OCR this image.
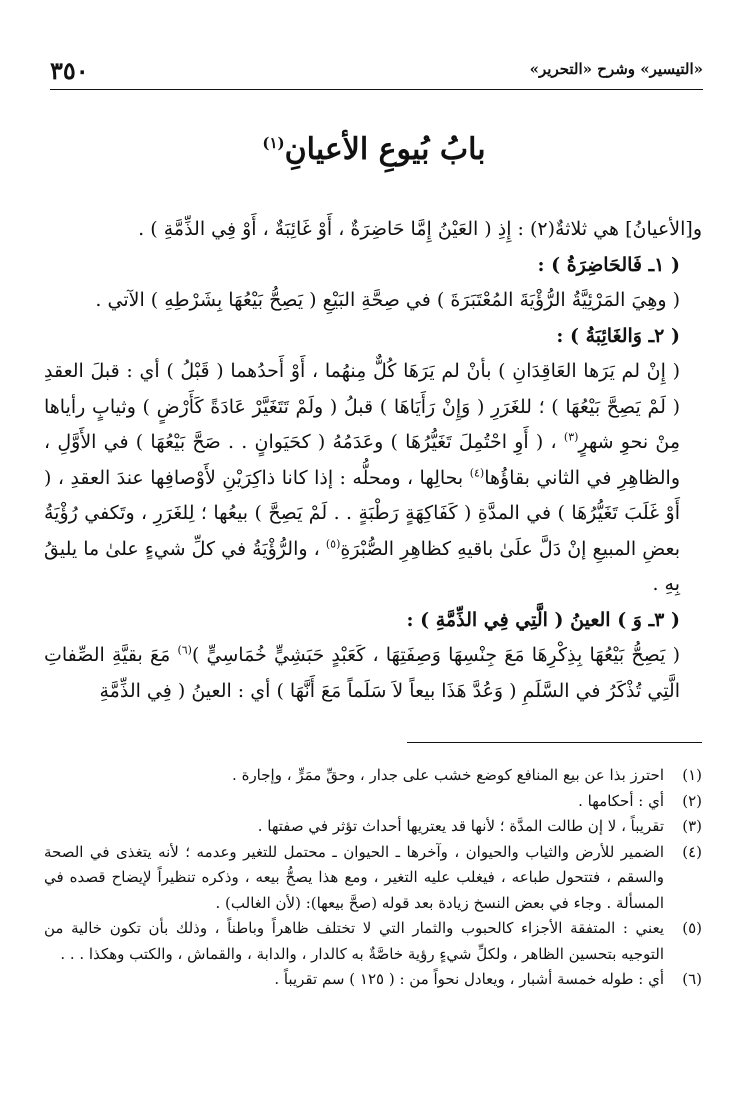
٣٥٠	«التيسير» وشرح «التحرير»
بابُ بُيوعِ الأعيانِ$^{(١)}$

و[الأعيانُ] هي ثلاثةٌ(٢) : إِذِ ( العَيْنُ إِمَّا حَاضِرَةٌ ، أَوْ غَائِبَةٌ ، أَوْ فِي الذِّمَّةِ ) .

( ١ـ فَالحَاضِرَةُ ) :

( وهِيَ المَرْئِيَّةُ الرُّؤْيَةَ المُعْتَبَرَةَ ) في صِحَّةِ البَيْعِ ( يَصِحُّ بَيْعُهَا بِشَرْطِهِ ) الآتي .

( ٢ـ وَالغَائِبَةُ ) :

( إِنْ لم يَرَها العَاقِدَانِ ) بأنْ لم يَرَهَا كُلٌّ مِنهُما ، أَوْ أَحدُهما ( قَبْلُ ) أي : قبلَ العقدِ ( لَمْ يَصِحَّ بَيْعُهَا ) ؛ للغَرَرِ ( وَإِنْ رَأَيَاهَا ) قبلُ ( ولَمْ تَتَغَيَّرْ عَادَةً كَأَرْضٍ ) وثيابٍ رأياها مِنْ نحوِ شهرٍ$^{(٣)}$ ، ( أَوِ احْتُمِلَ تَغَيُّرُهَا ) وعَدَمُهُ ( كحَيَوانٍ . . صَحَّ بَيْعُهَا ) في الأَوَّلِ ، والظاهِرِ في الثاني بقاؤُها$^{(٤)}$ بحالِها ، ومحلُّه : إذا كانا ذاكِرَيْنِ لأَوْصافِها عندَ العقدِ ، ( أَوْ غَلَبَ تَغَيُّرُهَا ) في المدَّةِ ( كَفَاكِهَةٍ رَطْبَةٍ . . لَمْ يَصِحَّ ) بيعُها ؛ لِلغَرَرِ ، وتَكفي رُؤْيَةُ بعضِ المبيعِ إنْ دَلَّ علَىٰ باقيهِ كظاهِرِ الصُّبْرَةِ$^{(٥)}$ ، والرُّؤْيَةُ في كلِّ شيءٍ علىٰ ما يليقُ بِهِ .

( ٣ـ وَ ) العينُ ( الَّتِي فِي الذِّمَّةِ ) :

( يَصِحُّ بَيْعُهَا بِذِكْرِهَا مَعَ جِنْسِهَا وَصِفَتِهَا ، كَعَبْدٍ حَبَشِيٍّ خُمَاسِيٍّ )$^{(٦)}$ مَعَ بقيَّةِ الصِّفاتِ الَّتِي تُذْكَرُ في السَّلَمِ ( وَعُدَّ هَذَا بيعاً لاَ سَلَماً مَعَ أَنَّهَا ) أي : العينُ ( فِي الذِّمَّةِ

(١)
احترز بذا عن بيع المنافع كوضع خشب على جدار ، وحقِّ ممَرٍّ ، وإجارة .
(٢)
أي : أحكامها .
(٣)
تقريباً ، لا إن طالت المدَّة ؛ لأنها قد يعتريها أحداث تؤثر في صفتها .
(٤)
الضمير للأرض والثياب والحيوان ، وآخرها ـ الحيوان ـ محتمل للتغير وعدمه ؛ لأنه يتغذى في الصحة والسقم ، فتتحول طباعه ، فيغلب عليه التغير ، ومع هذا يصحُّ بيعه ، وذكره تنظيراً لإيضاح قصده في المسألة . وجاء في بعض النسخ زيادة بعد قوله (صحَّ بيعها): (لأن الغالب) .
(٥)
يعني : المتفقة الأجزاء كالحبوب والثمار التي لا تختلف ظاهراً وباطناً ، وذلك بأن تكون خالية من التوجيه بتحسين الظاهر ، ولكلِّ شيءٍ رؤية خاصَّةٌ به كالدار ، والدابة ، والقماش ، والكتب وهكذا . . .
(٦)
أي : طوله خمسة أشبار ، ويعادل نحواً من : ( ١٢٥ ) سم تقريباً .
